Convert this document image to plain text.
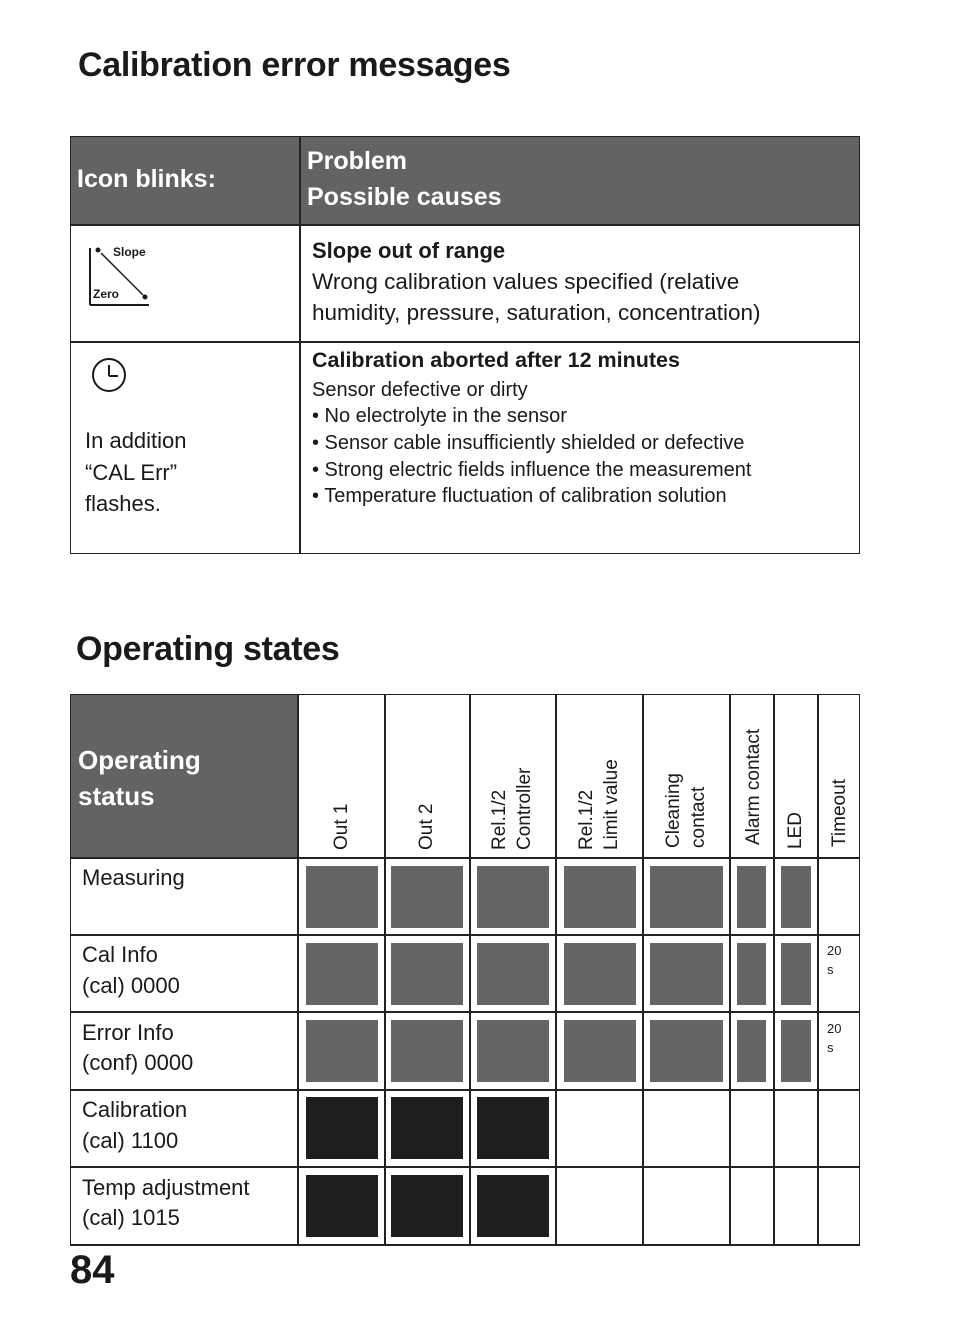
Calibration error messages
Icon blinks:
Problem
Possible causes
Slope
Zero
Slope out of range
Wrong calibration values specified (relative
humidity, pressure, saturation, concentration)
In addition
“CAL Err”
flashes.
Calibration aborted after 12 minutes
Sensor defective or dirty
• No electrolyte in the sensor
• Sensor cable insufficiently shielded or defective
• Strong electric fields influence the measurement
• Temperature fluctuation of calibration solution
Operating states
Operating
status
Out 1	Out 2	Rel.1/2 Controller Rel.1/2 Limit value Cleaning contact Alarm contact LED Timeout
Measuring
Cal Info
(cal) 0000
Error Info
(conf) 0000
Calibration
(cal) 1100
Temp adjustment
(cal) 1015
20
s
20
s
84
